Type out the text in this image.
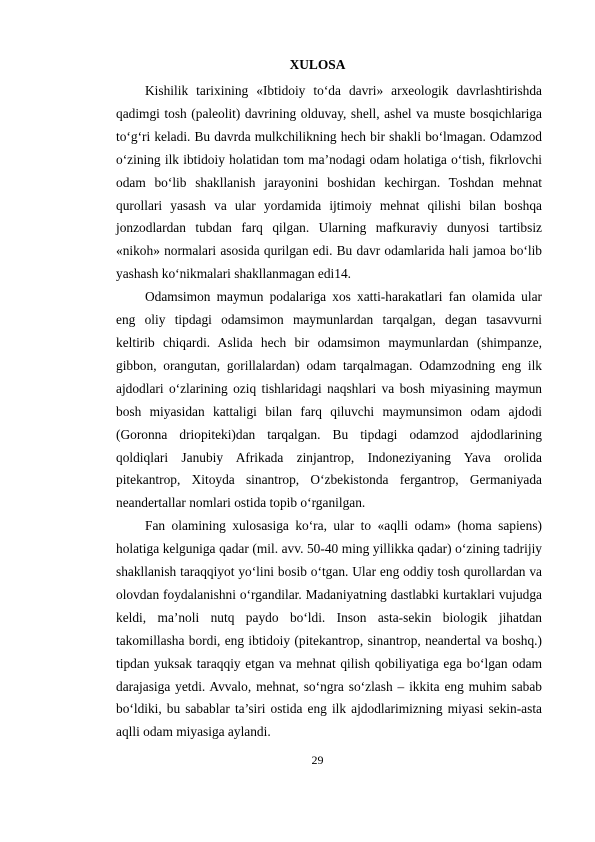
XULOSA

Kishilik tarixining «Ibtidoiy to‘da davri» arxeologik davrlashtirishda qadimgi tosh (paleolit) davrining olduvay, shell, ashel va muste bosqichlariga to‘g‘ri keladi. Bu davrda mulkchilikning hech bir shakli bo‘lmagan. Odamzod o‘zining ilk ibtidoiy holatidan tom ma’nodagi odam holatiga o‘tish, fikrlovchi odam bo‘lib shakllanish jarayonini boshidan kechirgan. Toshdan mehnat qurollari yasash va ular yordamida ijtimoiy mehnat qilishi bilan boshqa jonzodlardan tubdan farq qilgan. Ularning mafkuraviy dunyosi tartibsiz «nikoh» normalari asosida qurilgan edi. Bu davr odamlarida hali jamoa bo‘lib yashash ko‘nikmalari shakllanmagan edi14.

Odamsimon maymun podalariga xos xatti-harakatlari fan olamida ular eng oliy tipdagi odamsimon maymunlardan tarqalgan, degan tasavvurni keltirib chiqardi. Aslida hech bir odamsimon maymunlardan (shimpanze, gibbon, orangutan, gorillalardan) odam tarqalmagan. Odamzodning eng ilk ajdodlari o‘zlarining oziq tishlaridagi naqshlari va bosh miyasining maymun bosh miyasidan kattaligi bilan farq qiluvchi maymunsimon odam ajdodi (Goronna driopiteki)dan tarqalgan. Bu tipdagi odamzod ajdodlarining qoldiqlari Janubiy Afrikada zinjantrop, Indoneziyaning Yava orolida pitekantrop, Xitoyda sinantrop, O‘zbekistonda fergantrop, Germaniyada neandertallar nomlari ostida topib o‘rganilgan.

Fan olamining xulosasiga ko‘ra, ular to «aqlli odam» (homa sapiens) holatiga kelguniga qadar (mil. avv. 50-40 ming yillikka qadar) o‘zining tadrijiy shakllanish taraqqiyot yo‘lini bosib o‘tgan. Ular eng oddiy tosh qurollardan va olovdan foydalanishni o‘rgandilar. Madaniyatning dastlabki kurtaklari vujudga keldi, ma’noli nutq paydo bo‘ldi. Inson asta-sekin biologik jihatdan takomillasha bordi, eng ibtidoiy (pitekantrop, sinantrop, neandertal va boshq.) tipdan yuksak taraqqiy etgan va mehnat qilish qobiliyatiga ega bo‘lgan odam darajasiga yetdi. Avvalo, mehnat, so‘ngra so‘zlash – ikkita eng muhim sabab bo‘ldiki, bu sabablar ta’siri ostida eng ilk ajdodlarimizning miyasi sekin-asta aqlli odam miyasiga aylandi.

29
